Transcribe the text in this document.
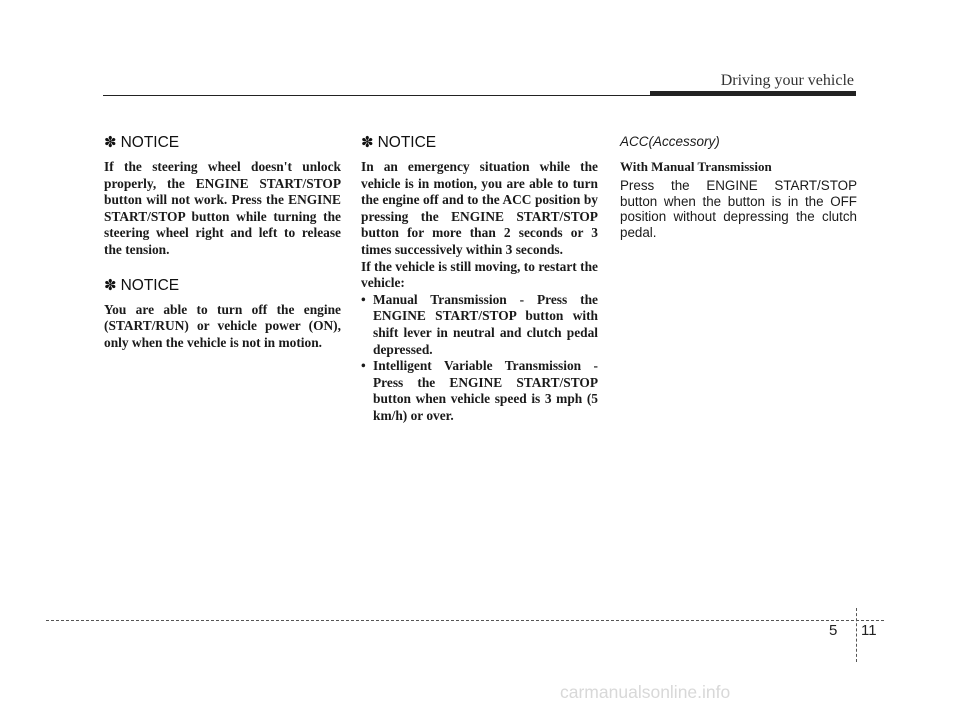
Driving your vehicle
✽ NOTICE

If the steering wheel doesn't unlock properly, the ENGINE START/STOP button will not work. Press the ENGINE START/STOP button while turning the steering wheel right and left to release the tension.

✽ NOTICE

You are able to turn off the engine (START/RUN) or vehicle power (ON), only when the vehicle is not in motion.

✽ NOTICE

In an emergency situation while the vehicle is in motion, you are able to turn the engine off and to the ACC position by pressing the ENGINE START/STOP button for more than 2 seconds or 3 times successively within 3 seconds.

If the vehicle is still moving, to restart the vehicle:

• Manual Transmission - Press the ENGINE START/STOP button with shift lever in neutral and clutch pedal depressed.
• Intelligent Variable Transmission - Press the ENGINE START/STOP button when vehicle speed is 3 mph (5 km/h) or over.
ACC(Accessory)
With Manual Transmission

Press the ENGINE START/STOP button when the button is in the OFF position without depressing the clutch pedal.

5 11
carmanualsonline.info
